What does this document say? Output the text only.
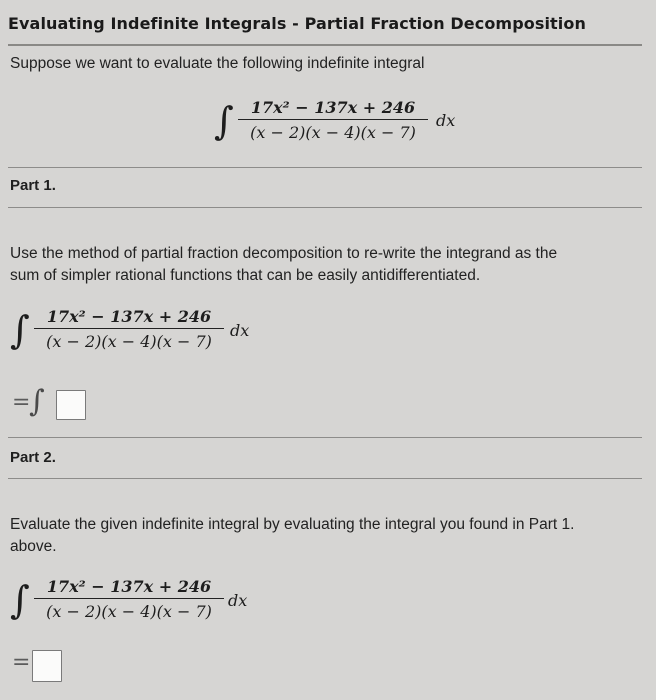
Evaluating Indefinite Integrals - Partial Fraction Decomposition
Suppose we want to evaluate the following indefinite integral
∫	17x² − 137x + 246
(x − 2)(x − 4)(x − 7)
dx
Part 1.
Use the method of partial fraction decomposition to re-write the integrand as the
sum of simpler rational functions that can be easily antidifferentiated.
∫	17x² − 137x + 246
(x − 2)(x − 4)(x − 7)
dx
=
∫
Part 2.
Evaluate the given indefinite integral by evaluating the integral you found in Part 1.
above.
∫	17x² − 137x + 246
(x − 2)(x − 4)(x − 7)
dx
=
